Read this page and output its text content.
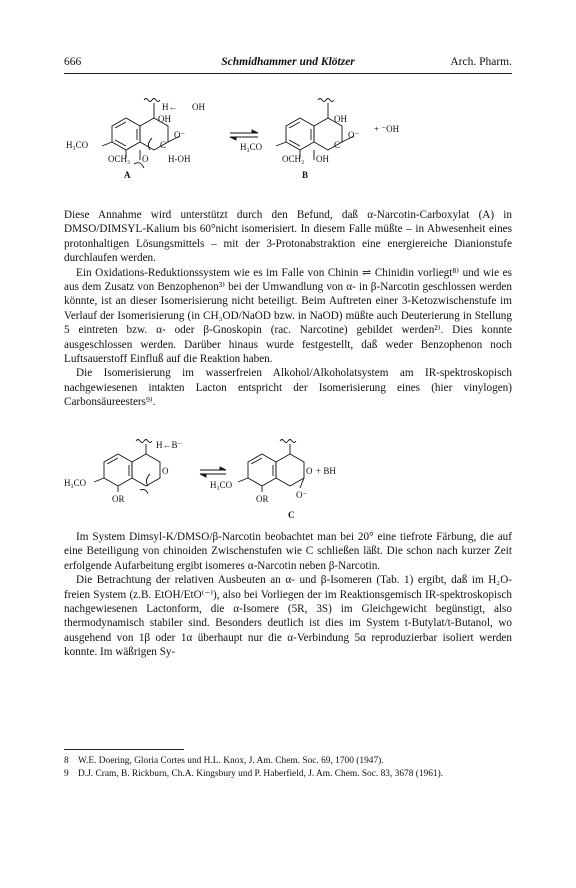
666	Schmidhammer und Klötzer	Arch. Pharm.
H← OH
OH
O⁻
C
H₃CO
OCH₃ O H-OH
A
OH
O⁻
C
H₃CO
OCH₃ OH
+ ⁻OH
B

Diese Annahme wird unterstützt durch den Befund, daß α-Narcotin-Carboxylat (A) in DMSO/DIMSYL-Kalium bis 60°nicht isomerisiert. In diesem Falle müßte – in Abwesenheit eines protonhaltigen Lösungsmittels – mit der 3-Protonabstraktion eine energiereiche Dianionstufe durchlaufen werden.

Ein Oxidations-Reduktionssystem wie es im Falle von Chinin ⇌ Chinidin vorliegt⁸⁾ und wie es aus dem Zusatz von Benzophenon³⁾ bei der Umwandlung von α- in β-Narcotin geschlossen werden könnte, ist an dieser Isomerisierung nicht beteiligt. Beim Auftreten einer 3-Ketozwischenstufe im Verlauf der Isomerisierung (in CH₃OD/NaOD bzw. in NaOD) müßte auch Deuterierung in Stellung 5 eintreten bzw. α- oder β-Gnoskopin (rac. Narcotine) gebildet werden²⁾. Dies konnte ausgeschlossen werden. Darüber hinaus wurde festgestellt, daß weder Benzophenon noch Luftsauerstoff Einfluß auf die Reaktion haben.

Die Isomerisierung im wasserfreien Alkohol/Alkoholatsystem am IR-spektroskopisch nachgewiesenen intakten Lacton entspricht der Isomerisierung eines (hier vinylogen) Carbonsäureesters⁹⁾.

H←B⁻
O
H₃CO
OR
O + BH
H₃CO
OR	O⁻
C

Im System Dimsyl-K/DMSO/β-Narcotin beobachtet man bei 20° eine tiefrote Färbung, die auf eine Beteiligung von chinoiden Zwischenstufen wie C schließen läßt. Die schon nach kurzer Zeit erfolgende Aufarbeitung ergibt isomeres α-Narcotin neben β-Narcotin.

Die Betrachtung der relativen Ausbeuten an α- und β-Isomeren (Tab. 1) ergibt, daß im H₂O-freien System (z.B. EtOH/EtO⁽⁻⁾), also bei Vorliegen der im Reaktionsgemisch IR-spektroskopisch nachgewiesenen Lactonform, die α-Isomere (5R, 3S) im Gleichgewicht begünstigt, also thermodynamisch stabiler sind. Besonders deutlich ist dies im System t-Butylat/t-Butanol, wo ausgehend von 1β oder 1α überhaupt nur die α-Verbindung 5α reproduzierbar isoliert werden konnte. Im wäßrigen Sy-

8 W.E. Doering, Gloria Cortes und H.L. Knox, J. Am. Chem. Soc. 69, 1700 (1947).
9 D.J. Cram, B. Rickburn, Ch.A. Kingsbury und P. Haberfield, J. Am. Chem. Soc. 83, 3678 (1961).
